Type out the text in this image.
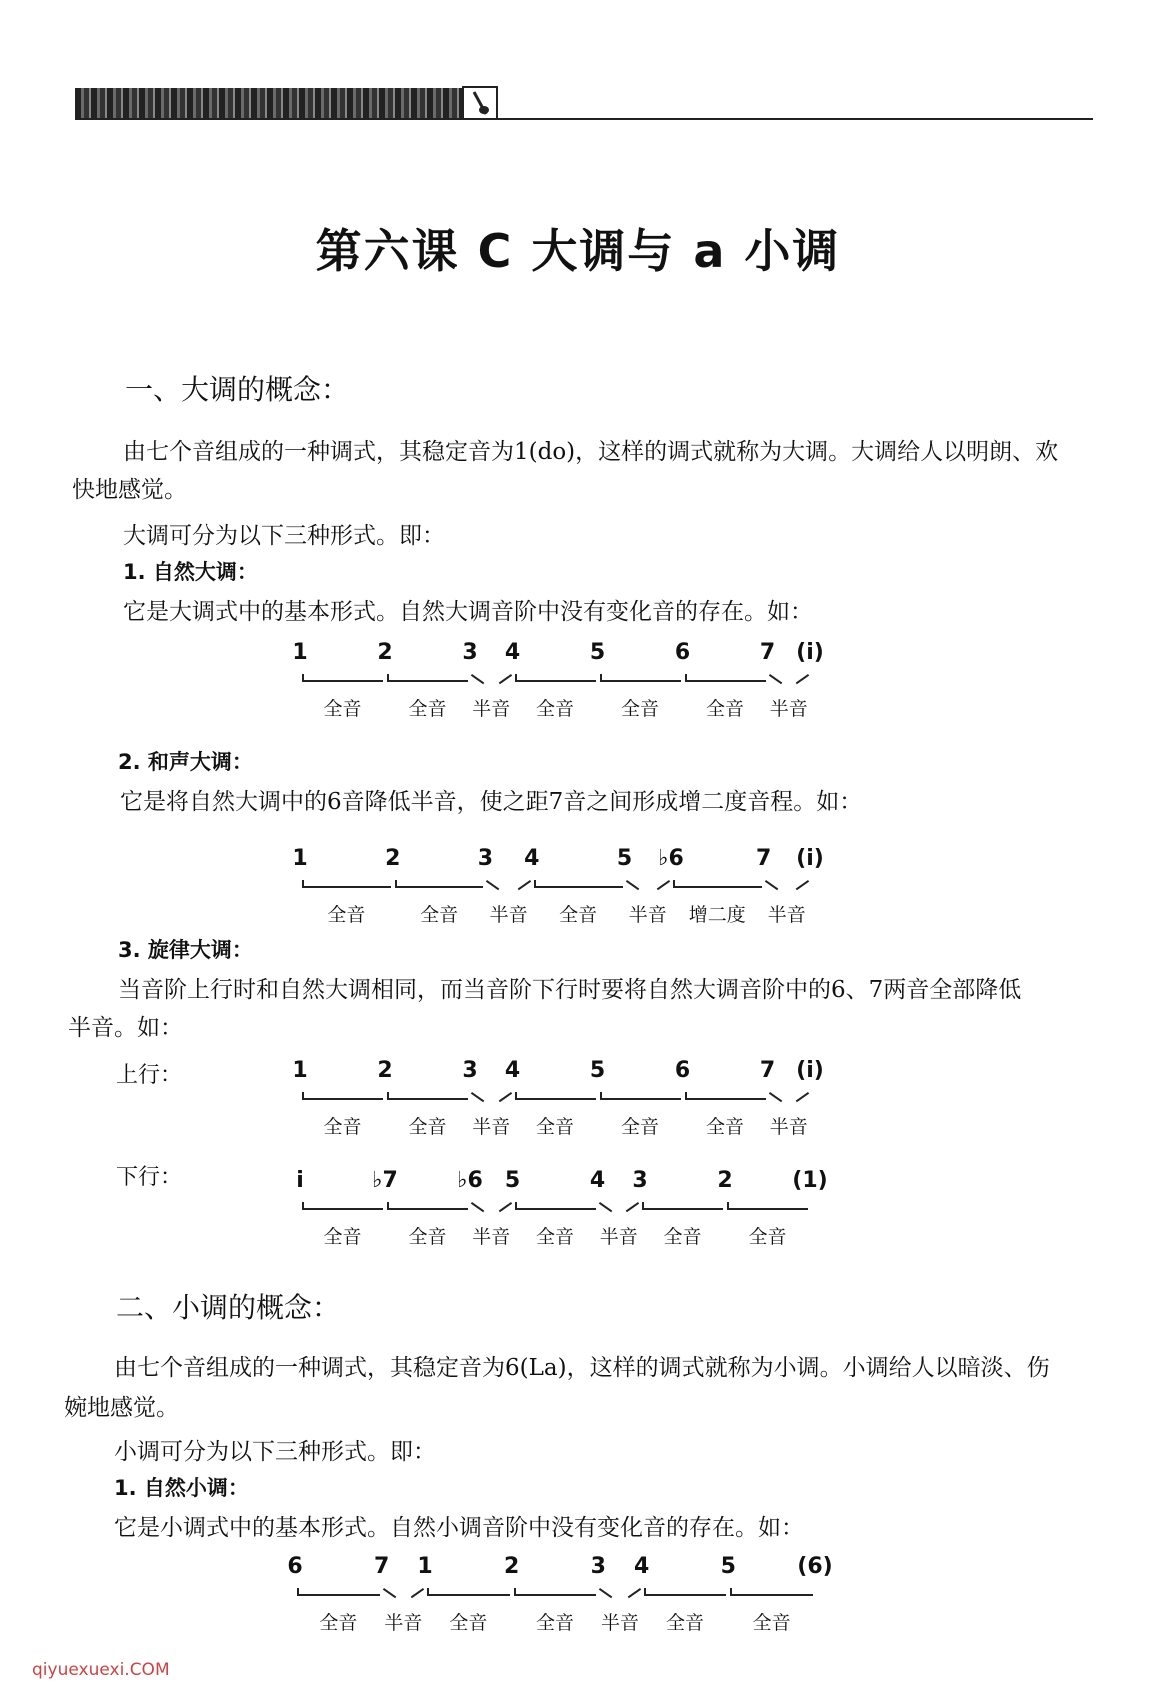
第六课 C 大调与 a 小调
一、大调的概念：
由七个音组成的一种调式，其稳定音为1(do)，这样的调式就称为大调。大调给人以明朗、欢
快地感觉。
大调可分为以下三种形式。即：
1. 自然大调：
它是大调式中的基本形式。自然大调音阶中没有变化音的存在。如：
1	2	3 4	5	6	7 (i)
全音 全音 半音 全音 全音 全音 半音
2. 和声大调：
它是将自然大调中的6音降低半音，使之距7音之间形成增二度音程。如：
1	2	3 4	5 ♭6	7 (i)
全音	全音 半音 全音 半音 增二度 半音
3. 旋律大调：
当音阶上行时和自然大调相同，而当音阶下行时要将自然大调音阶中的6、7两音全部降低
半音。如：
上行：	1	2	3 4	5	6	7 (i)
全音 全音 半音 全音 全音 全音 半音
下行：	i	♭7	♭6 5	4 3	2	(1)
全音 全音 半音 全音 半音 全音 全音
二、小调的概念：
由七个音组成的一种调式，其稳定音为6(La)，这样的调式就称为小调。小调给人以暗淡、伤
婉地感觉。
小调可分为以下三种形式。即：
1. 自然小调：
它是小调式中的基本形式。自然小调音阶中没有变化音的存在。如：
6	7 1	2	3 4	5	(6)
全音 半音 全音	全音 半音 全音	全音
qiyuexuexi.COM
